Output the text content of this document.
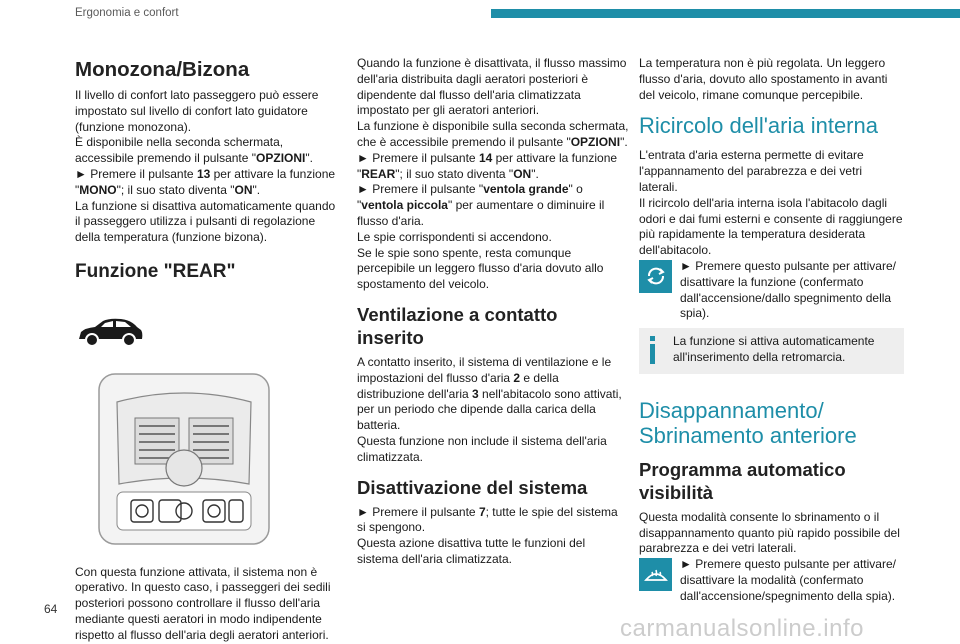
Ergonomia e confort
Monozona/Bizona

Il livello di confort lato passeggero può essere impostato sul livello di confort lato guidatore (funzione monozona).

È disponibile nella seconda schermata, accessibile premendo il pulsante "OPZIONI".

► Premere il pulsante 13 per attivare la funzione "MONO"; il suo stato diventa "ON".

La funzione si disattiva automaticamente quando il passeggero utilizza i pulsanti di regolazione della temperatura (funzione bizona).

Funzione "REAR"

Con questa funzione attivata, il sistema non è operativo. In questo caso, i passeggeri dei sedili posteriori possono controllare il flusso dell'aria mediante questi aeratori in modo indipendente rispetto al flusso dell'aria degli aeratori anteriori.

Quando la funzione è disattivata, il flusso massimo dell'aria distribuita dagli aeratori posteriori è dipendente dal flusso dell'aria climatizzata impostato per gli aeratori anteriori.

La funzione è disponibile sulla seconda schermata, che è accessibile premendo il pulsante "OPZIONI".

► Premere il pulsante 14 per attivare la funzione "REAR"; il suo stato diventa "ON".

► Premere il pulsante "ventola grande" o "ventola piccola" per aumentare o diminuire il flusso d'aria.

Le spie corrispondenti si accendono.

Se le spie sono spente, resta comunque percepibile un leggero flusso d'aria dovuto allo spostamento del veicolo.

Ventilazione a contatto inserito

A contatto inserito, il sistema di ventilazione e le impostazioni del flusso d'aria 2 e della distribuzione dell'aria 3 nell'abitacolo sono attivati, per un periodo che dipende dalla carica della batteria.

Questa funzione non include il sistema dell'aria climatizzata.

Disattivazione del sistema

► Premere il pulsante 7; tutte le spie del sistema si spengono.

Questa azione disattiva tutte le funzioni del sistema dell'aria climatizzata.

La temperatura non è più regolata. Un leggero flusso d'aria, dovuto allo spostamento in avanti del veicolo, rimane comunque percepibile.

Ricircolo dell'aria interna

L'entrata d'aria esterna permette di evitare l'appannamento del parabrezza e dei vetri laterali.

Il ricircolo dell'aria interna isola l'abitacolo dagli odori e dai fumi esterni e consente di raggiungere più rapidamente la temperatura desiderata dell'abitacolo.

► Premere questo pulsante per attivare/ disattivare la funzione (confermato dall'accensione/dallo spegnimento della spia).

La funzione si attiva automaticamente all'inserimento della retromarcia.

Disappannamento/ Sbrinamento anteriore
Programma automatico visibilità

Questa modalità consente lo sbrinamento o il disappannamento quanto più rapido possibile del parabrezza e dei vetri laterali.

► Premere questo pulsante per attivare/ disattivare la modalità (confermato dall'accensione/spegnimento della spia).

64
carmanualsonline.info
